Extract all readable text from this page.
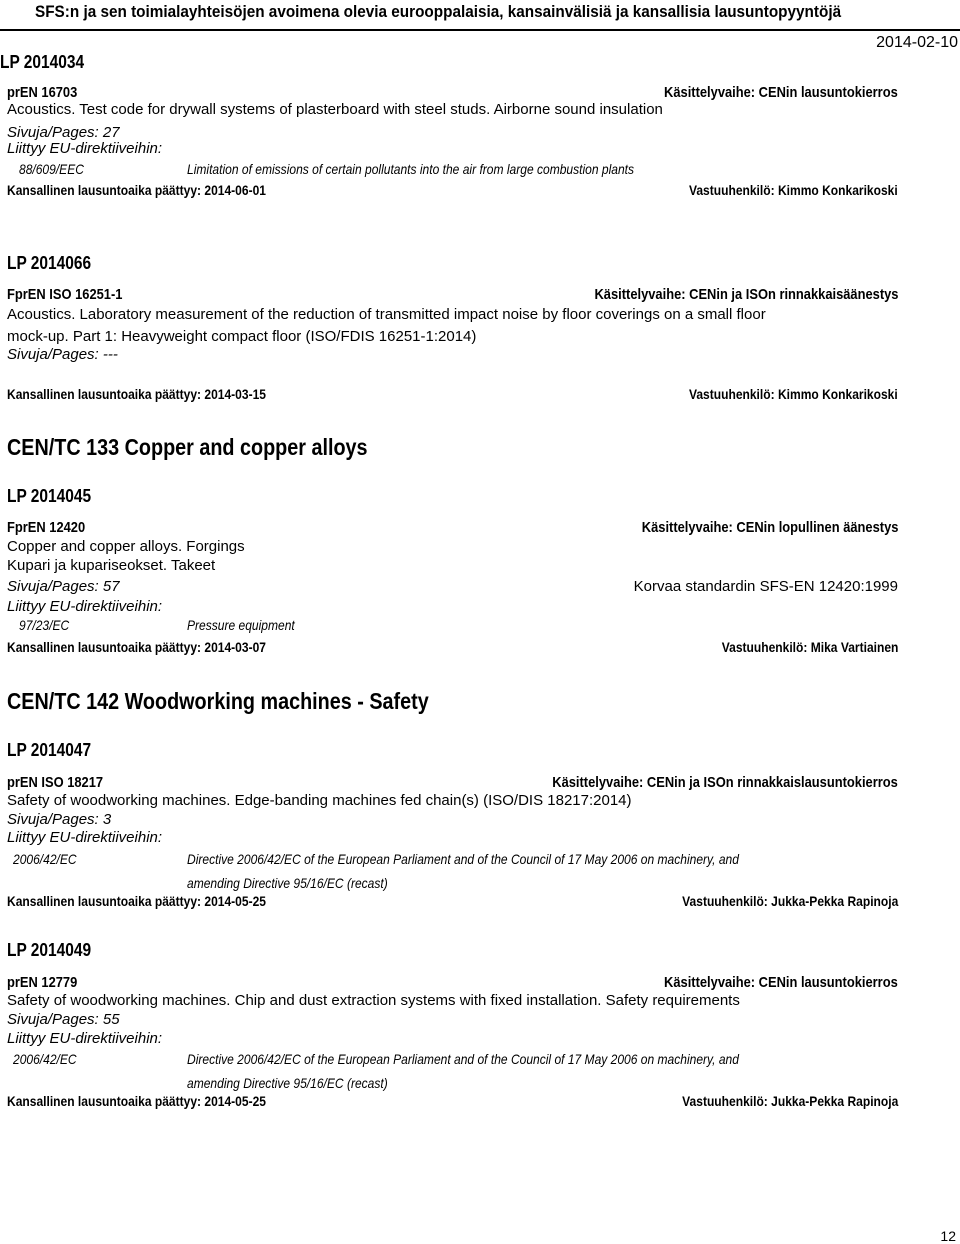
SFS:n ja sen toimialayhteisöjen avoimena olevia eurooppalaisia, kansainvälisiä ja kansallisia lausuntopyyntöjä
LP 2014034
2014-02-10
prEN 16703	Käsittelyvaihe: CENin lausuntokierros
Acoustics. Test code for drywall systems of plasterboard with steel studs. Airborne sound insulation
Sivuja/Pages: 27
Liittyy EU-direktiiveihin:
88/609/EEC	Limitation of emissions of certain pollutants into the air from large combustion plants
Kansallinen lausuntoaika päättyy: 2014-06-01	Vastuuhenkilö: Kimmo Konkarikoski
LP 2014066
FprEN ISO 16251-1	Käsittelyvaihe: CENin ja ISOn rinnakkaisäänestys
Acoustics. Laboratory measurement of the reduction of transmitted impact noise by floor coverings on a small floor
mock-up. Part 1: Heavyweight compact floor (ISO/FDIS 16251-1:2014)
Sivuja/Pages: ---
Kansallinen lausuntoaika päättyy: 2014-03-15	Vastuuhenkilö: Kimmo Konkarikoski
CEN/TC 133 Copper and copper alloys
LP 2014045
FprEN 12420	Käsittelyvaihe: CENin lopullinen äänestys
Copper and copper alloys. Forgings
Kupari ja kupariseokset. Takeet
Sivuja/Pages: 57	Korvaa standardin SFS-EN 12420:1999
Liittyy EU-direktiiveihin:
97/23/EC	Pressure equipment
Kansallinen lausuntoaika päättyy: 2014-03-07	Vastuuhenkilö: Mika Vartiainen
CEN/TC 142 Woodworking machines - Safety
LP 2014047
prEN ISO 18217	Käsittelyvaihe: CENin ja ISOn rinnakkaislausuntokierros
Safety of woodworking machines. Edge-banding machines fed chain(s) (ISO/DIS 18217:2014)
Sivuja/Pages: 3
Liittyy EU-direktiiveihin:
2006/42/EC	Directive 2006/42/EC of the European Parliament and of the Council of 17 May 2006 on machinery, and
amending Directive 95/16/EC (recast)
Kansallinen lausuntoaika päättyy: 2014-05-25	Vastuuhenkilö: Jukka-Pekka Rapinoja
LP 2014049
prEN 12779	Käsittelyvaihe: CENin lausuntokierros
Safety of woodworking machines. Chip and dust extraction systems with fixed installation. Safety requirements
Sivuja/Pages: 55
Liittyy EU-direktiiveihin:
2006/42/EC	Directive 2006/42/EC of the European Parliament and of the Council of 17 May 2006 on machinery, and
amending Directive 95/16/EC (recast)
Kansallinen lausuntoaika päättyy: 2014-05-25	Vastuuhenkilö: Jukka-Pekka Rapinoja
12
